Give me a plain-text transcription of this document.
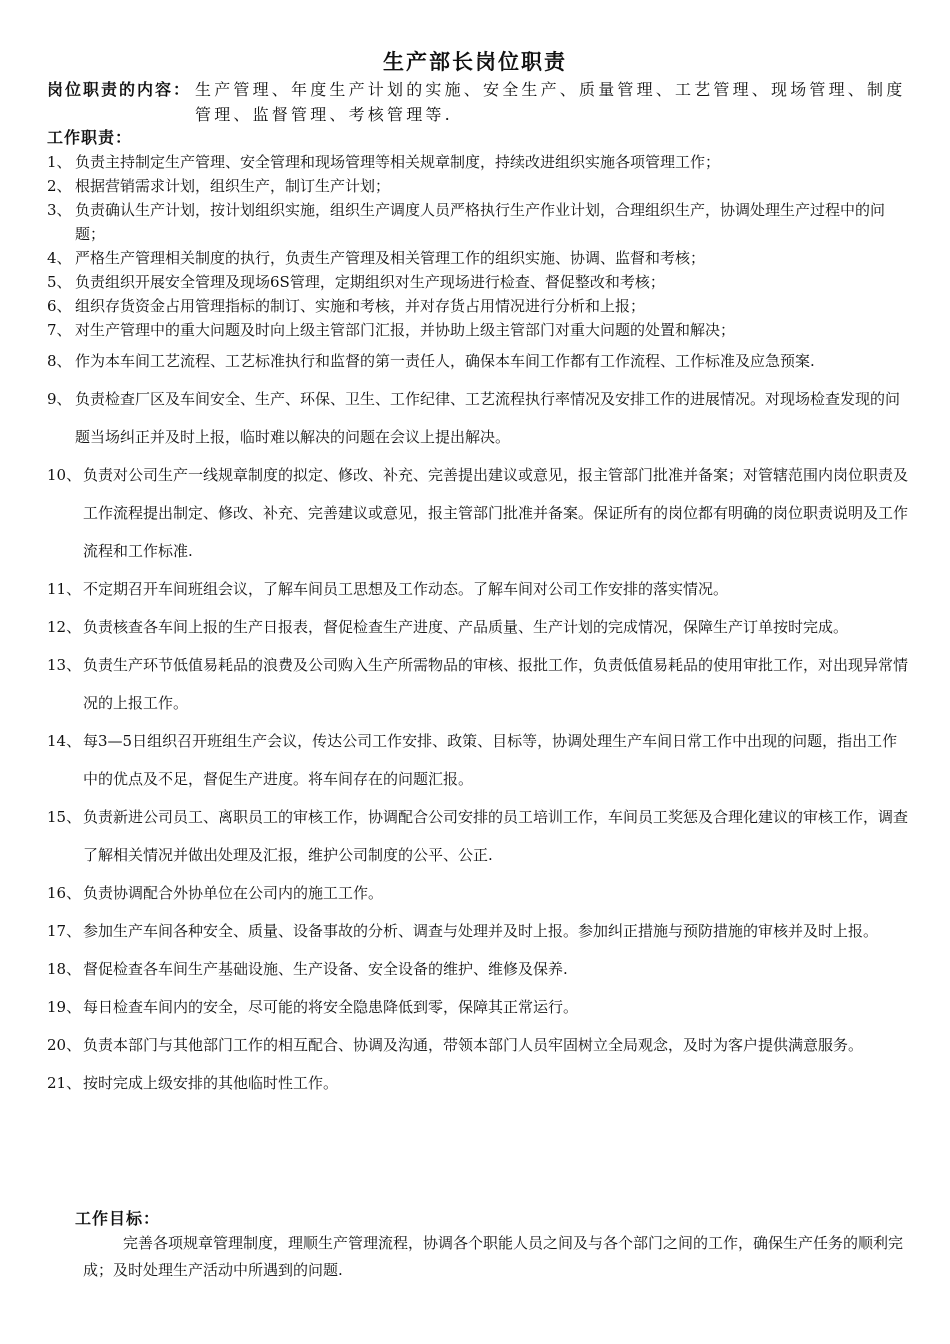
生产部长岗位职责
岗位职责的内容： 生产管理、年度生产计划的实施、安全生产、质量管理、工艺管理、现场管理、制度管理、监督管理、考核管理等.
工作职责：
1、 负责主持制定生产管理、安全管理和现场管理等相关规章制度，持续改进组织实施各项管理工作；
2、 根据营销需求计划，组织生产，制订生产计划；
3、 负责确认生产计划，按计划组织实施，组织生产调度人员严格执行生产作业计划，合理组织生产，协调处理生产过程中的问题；
4、 严格生产管理相关制度的执行，负责生产管理及相关管理工作的组织实施、协调、监督和考核；
5、 负责组织开展安全管理及现场6S管理，定期组织对生产现场进行检查、督促整改和考核；
6、 组织存货资金占用管理指标的制订、实施和考核，并对存货占用情况进行分析和上报；
7、 对生产管理中的重大问题及时向上级主管部门汇报，并协助上级主管部门对重大问题的处置和解决；
8、 作为本车间工艺流程、工艺标准执行和监督的第一责任人，确保本车间工作都有工作流程、工作标准及应急预案.
9、 负责检查厂区及车间安全、生产、环保、卫生、工作纪律、工艺流程执行率情况及安排工作的进展情况。对现场检查发现的问题当场纠正并及时上报，临时难以解决的问题在会议上提出解决。
10、 负责对公司生产一线规章制度的拟定、修改、补充、完善提出建议或意见，报主管部门批准并备案；对管辖范围内岗位职责及工作流程提出制定、修改、补充、完善建议或意见，报主管部门批准并备案。保证所有的岗位都有明确的岗位职责说明及工作流程和工作标准.
11、 不定期召开车间班组会议，了解车间员工思想及工作动态。了解车间对公司工作安排的落实情况。
12、 负责核查各车间上报的生产日报表，督促检查生产进度、产品质量、生产计划的完成情况，保障生产订单按时完成。
13、 负责生产环节低值易耗品的浪费及公司购入生产所需物品的审核、报批工作，负责低值易耗品的使用审批工作，对出现异常情况的上报工作。
14、 每3—5日组织召开班组生产会议，传达公司工作安排、政策、目标等，协调处理生产车间日常工作中出现的问题，指出工作中的优点及不足，督促生产进度。将车间存在的问题汇报。
15、 负责新进公司员工、离职员工的审核工作，协调配合公司安排的员工培训工作，车间员工奖惩及合理化建议的审核工作，调查了解相关情况并做出处理及汇报，维护公司制度的公平、公正.
16、 负责协调配合外协单位在公司内的施工工作。
17、 参加生产车间各种安全、质量、设备事故的分析、调查与处理并及时上报。参加纠正措施与预防措施的审核并及时上报。
18、 督促检查各车间生产基础设施、生产设备、安全设备的维护、维修及保养.
19、 每日检查车间内的安全，尽可能的将安全隐患降低到零，保障其正常运行。
20、 负责本部门与其他部门工作的相互配合、协调及沟通，带领本部门人员牢固树立全局观念，及时为客户提供满意服务。
21、 按时完成上级安排的其他临时性工作。
工作目标：
完善各项规章管理制度，理顺生产管理流程，协调各个职能人员之间及与各个部门之间的工作，确保生产任务的顺利完成；及时处理生产活动中所遇到的问题.
